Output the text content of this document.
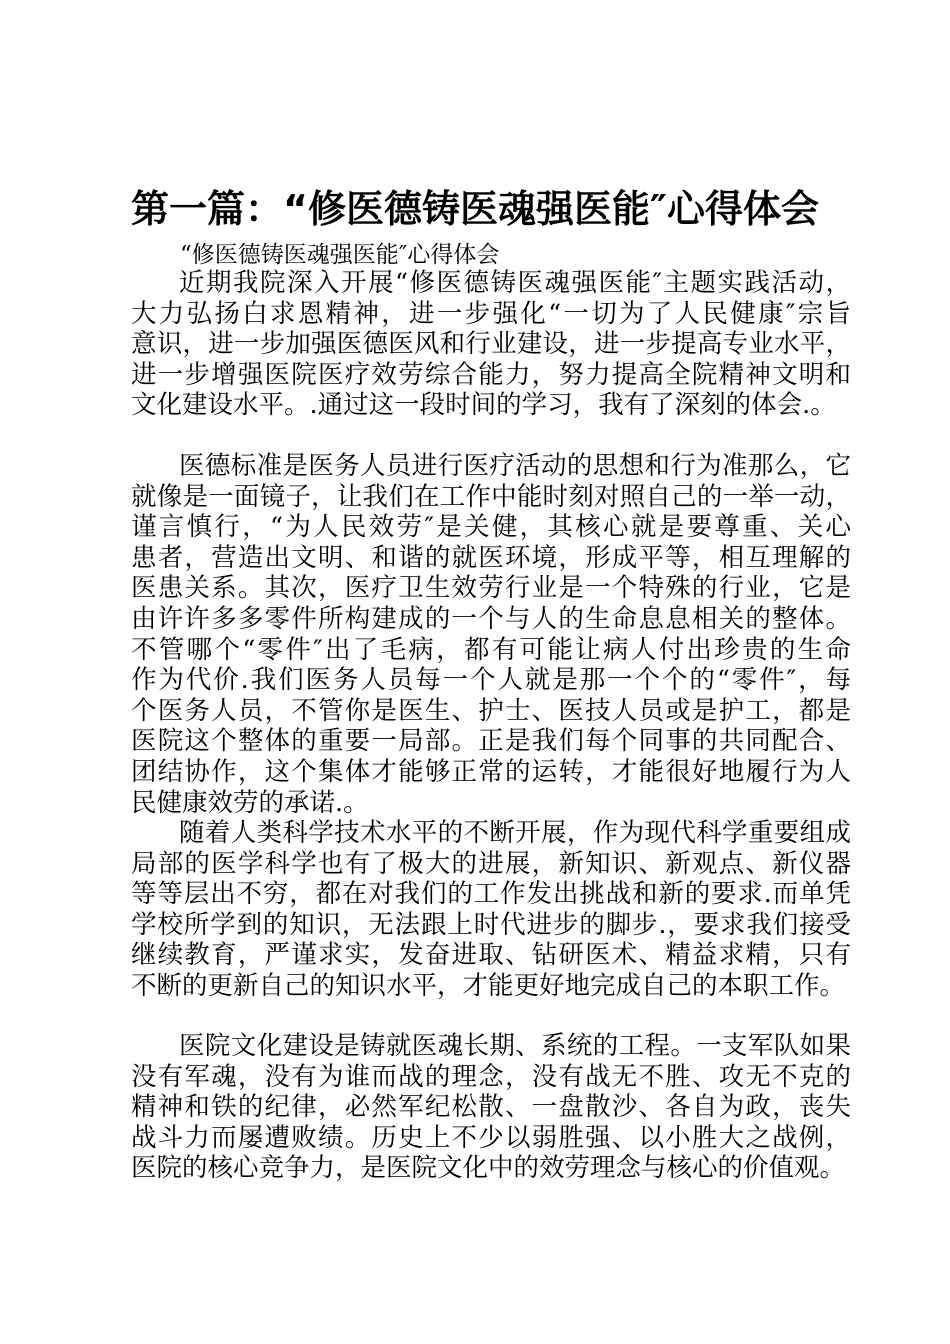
第一篇：“修医德铸医魂强医能″心得体会
“修医德铸医魂强医能″心得体会
近期我院深入开展“修医德铸医魂强医能″主题实践活动，
大力弘扬白求恩精神，进一步强化“一切为了人民健康″宗旨
意识，进一步加强医德医风和行业建设，进一步提高专业水平，
进一步增强医院医疗效劳综合能力，努力提高全院精神文明和
文化建设水平。.通过这一段时间的学习，我有了深刻的体会.。
医德标准是医务人员进行医疗活动的思想和行为准那么，它
就像是一面镜子，让我们在工作中能时刻对照自己的一举一动，
谨言慎行，“为人民效劳″是关健，其核心就是要尊重、关心
患者，营造出文明、和谐的就医环境，形成平等，相互理解的
医患关系。其次，医疗卫生效劳行业是一个特殊的行业，它是
由许许多多零件所构建成的一个与人的生命息息相关的整体。
不管哪个“零件″出了毛病，都有可能让病人付出珍贵的生命
作为代价.我们医务人员每一个人就是那一个个的“零件″，每
个医务人员，不管你是医生、护士、医技人员或是护工，都是
医院这个整体的重要一局部。正是我们每个同事的共同配合、
团结协作，这个集体才能够正常的运转，才能很好地履行为人
民健康效劳的承诺.。
随着人类科学技术水平的不断开展，作为现代科学重要组成
局部的医学科学也有了极大的进展，新知识、新观点、新仪器
等等层出不穷，都在对我们的工作发出挑战和新的要求.而单凭
学校所学到的知识，无法跟上时代进步的脚步.，要求我们接受
继续教育，严谨求实，发奋进取、钻研医术、精益求精，只有
不断的更新自己的知识水平，才能更好地完成自己的本职工作。
医院文化建设是铸就医魂长期、系统的工程。一支军队如果
没有军魂，没有为谁而战的理念，没有战无不胜、攻无不克的
精神和铁的纪律，必然军纪松散、一盘散沙、各自为政，丧失
战斗力而屡遭败绩。历史上不少以弱胜强、以小胜大之战例，
医院的核心竞争力，是医院文化中的效劳理念与核心的价值观。
